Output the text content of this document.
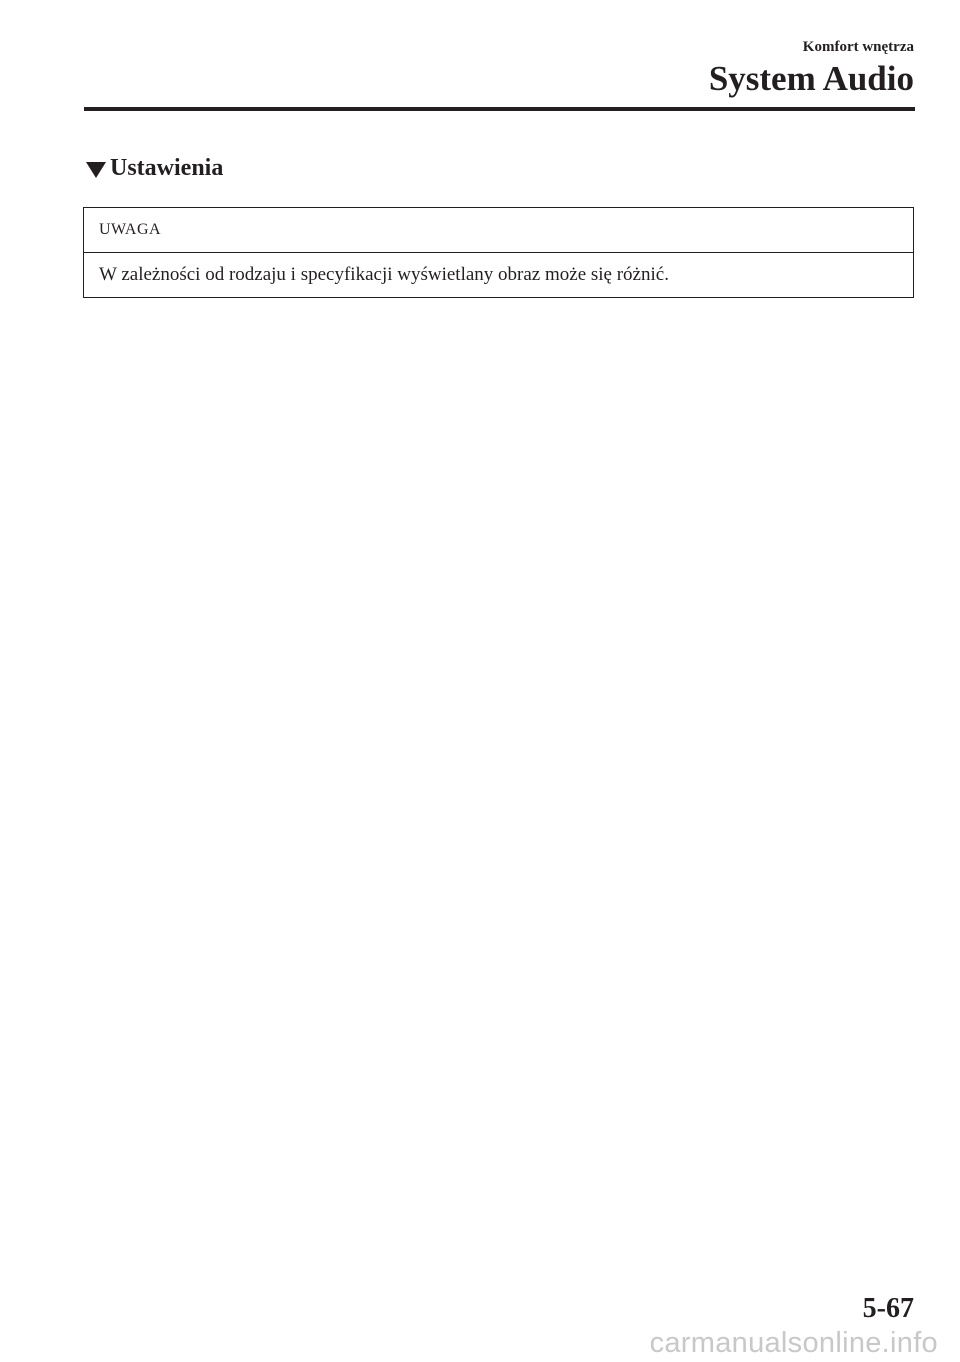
Komfort wnętrza
System Audio
Ustawienia
UWAGA
W zależności od rodzaju i specyfikacji wyświetlany obraz może się różnić.
5-67
carmanualsonline.info
